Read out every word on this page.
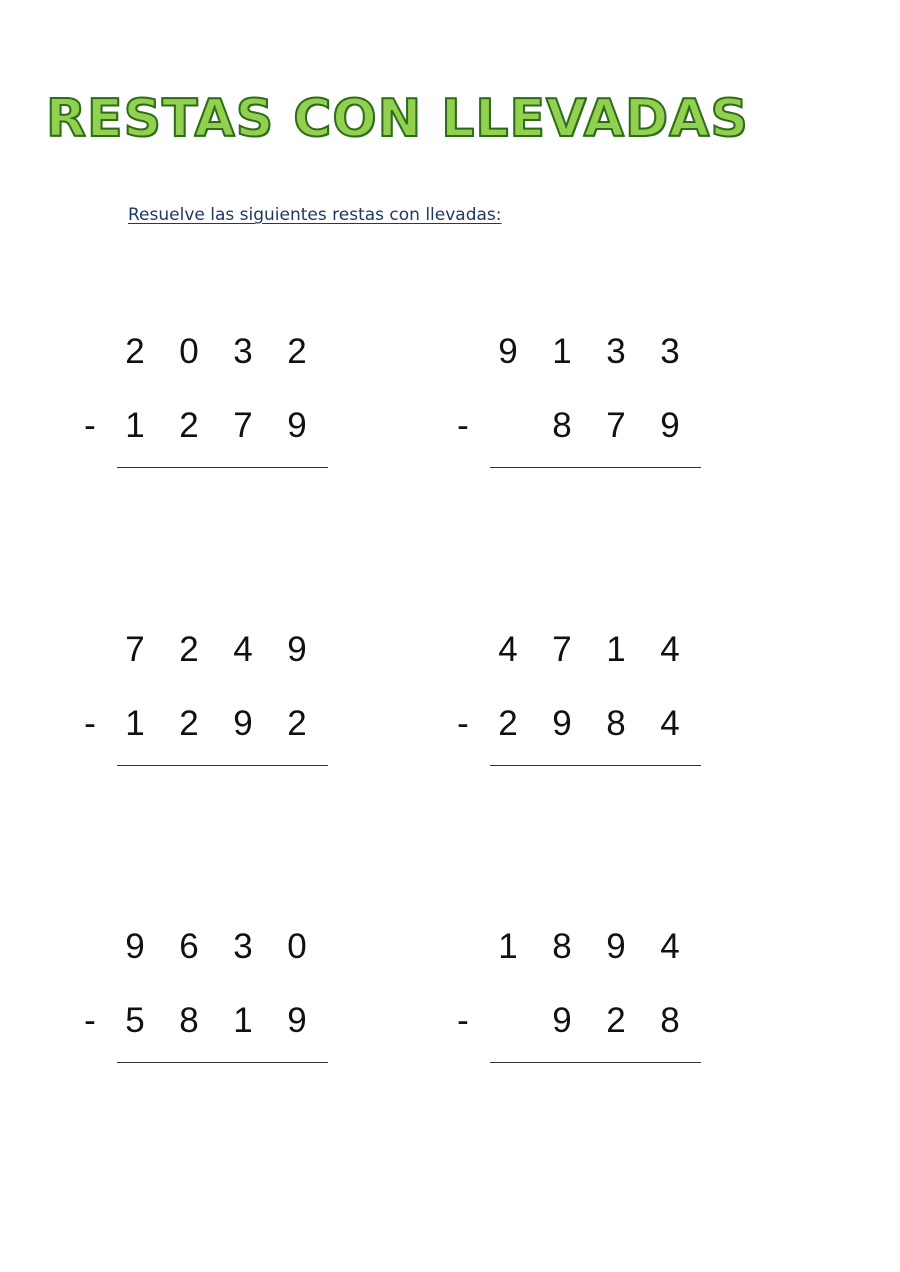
RESTAS CON LLEVADAS

Resuelve las siguientes restas con llevadas:

2 0 3 2
- 1 2 7 9
9 1 3 3
- 8 7 9
7 2 4 9
- 1 2 9 2
4 7 1 4
- 2 9 8 4
9 6 3 0
- 5 8 1 9
1 8 9 4
- 9 2 8
